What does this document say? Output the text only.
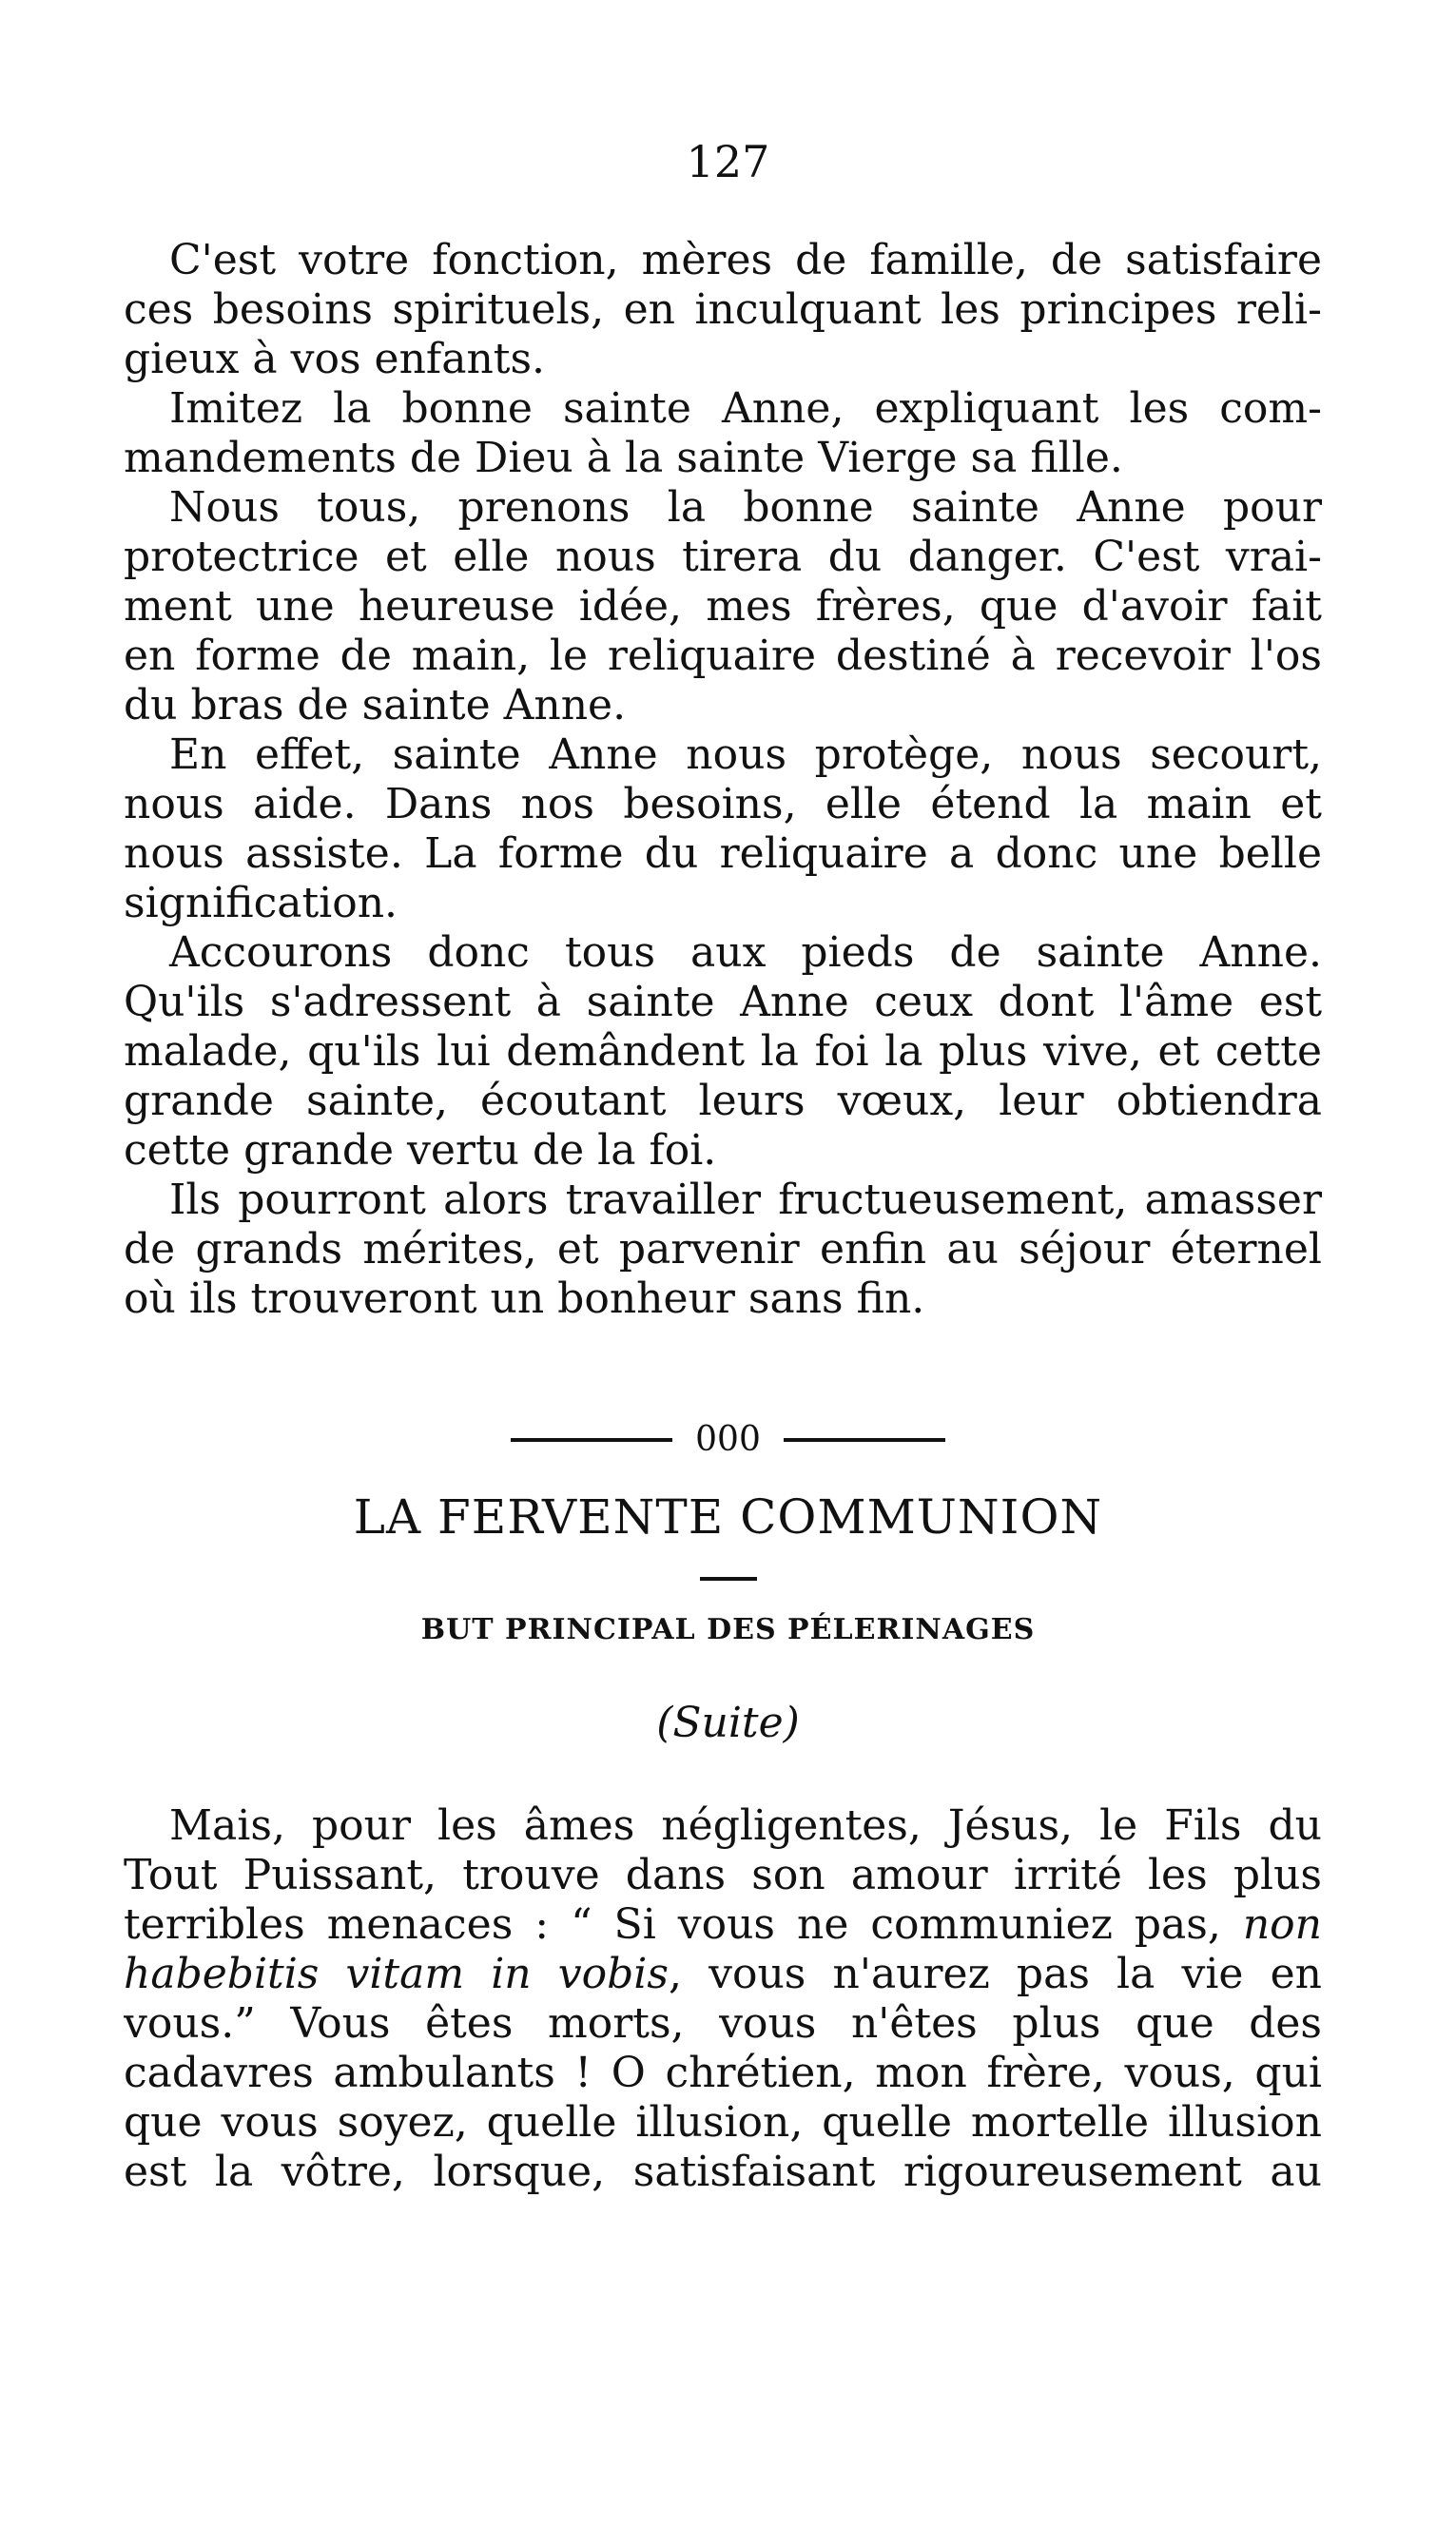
127
C'est votre fonction, mères de famille, de satisfaire
ces besoins spirituels, en inculquant les principes reli-
gieux à vos enfants.
Imitez la bonne sainte Anne, expliquant les com-
mandements de Dieu à la sainte Vierge sa fille.
Nous tous, prenons la bonne sainte Anne pour
protectrice et elle nous tirera du danger. C'est vrai-
ment une heureuse idée, mes frères, que d'avoir fait
en forme de main, le reliquaire destiné à recevoir l'os
du bras de sainte Anne.
En effet, sainte Anne nous protège, nous secourt,
nous aide. Dans nos besoins, elle étend la main et
nous assiste. La forme du reliquaire a donc une belle
signification.
Accourons donc tous aux pieds de sainte Anne.
Qu'ils s'adressent à sainte Anne ceux dont l'âme est
malade, qu'ils lui demândent la foi la plus vive, et cette
grande sainte, écoutant leurs vœux, leur obtiendra
cette grande vertu de la foi.
Ils pourront alors travailler fructueusement, amasser
de grands mérites, et parvenir enfin au séjour éternel
où ils trouveront un bonheur sans fin.
000
LA FERVENTE COMMUNION
BUT PRINCIPAL DES PÉLERINAGES
(Suite)
Mais, pour les âmes négligentes, Jésus, le Fils du
Tout Puissant, trouve dans son amour irrité les plus
terribles menaces : “ Si vous ne communiez pas, non
habebitis vitam in vobis, vous n'aurez pas la vie en
vous.” Vous êtes morts, vous n'êtes plus que des
cadavres ambulants ! O chrétien, mon frère, vous, qui
que vous soyez, quelle illusion, quelle mortelle illusion
est la vôtre, lorsque, satisfaisant rigoureusement au
